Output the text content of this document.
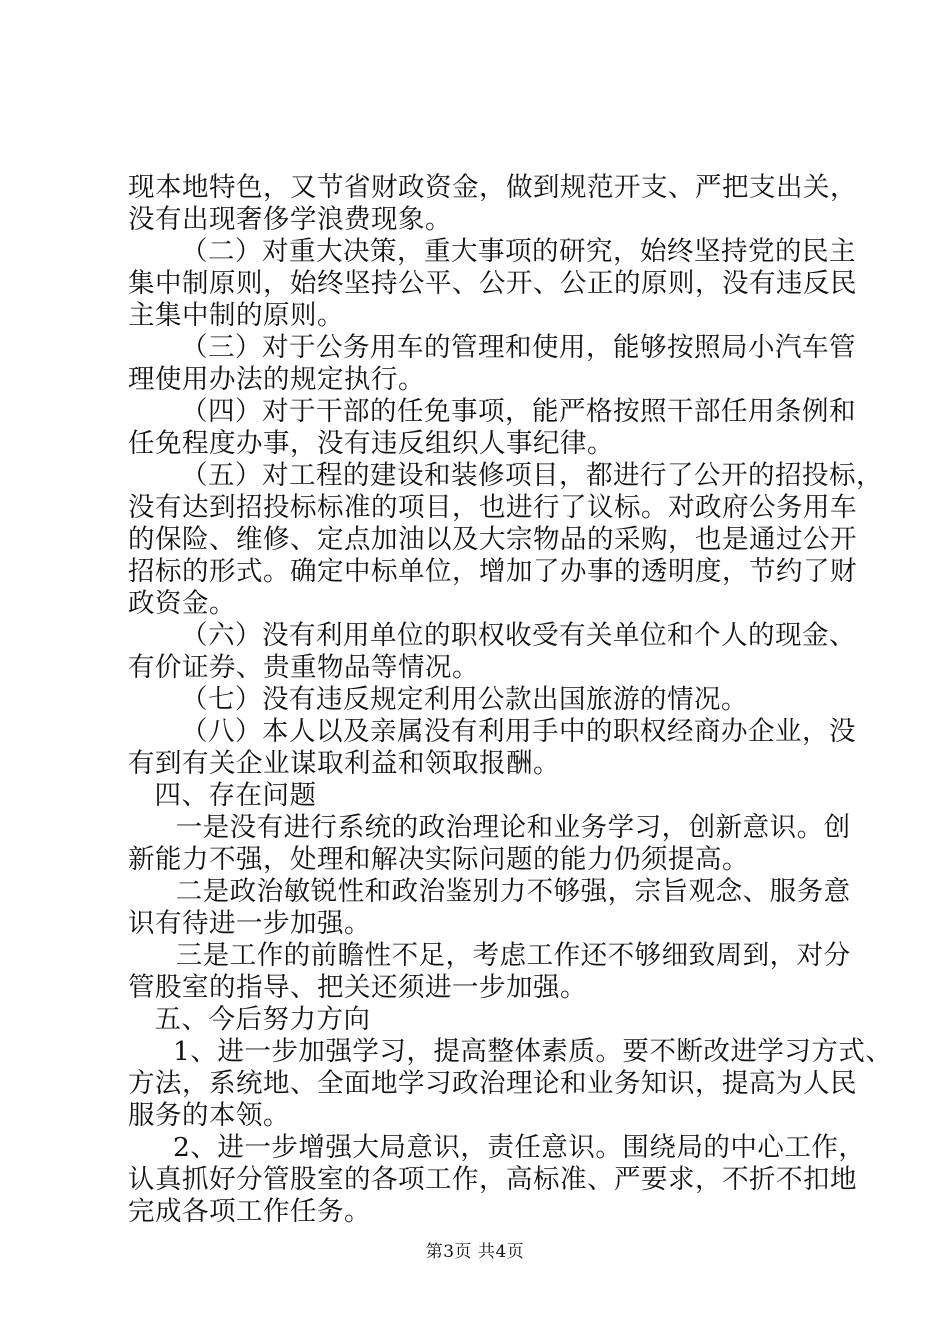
现本地特色，又节省财政资金，做到规范开支、严把支出关，
没有出现奢侈学浪费现象。
（二）对重大决策，重大事项的研究，始终坚持党的民主
集中制原则，始终坚持公平、公开、公正的原则，没有违反民
主集中制的原则。
（三）对于公务用车的管理和使用，能够按照局小汽车管
理使用办法的规定执行。
（四）对于干部的任免事项，能严格按照干部任用条例和
任免程度办事，没有违反组织人事纪律。
（五）对工程的建设和装修项目，都进行了公开的招投标，
没有达到招投标标准的项目，也进行了议标。对政府公务用车
的保险、维修、定点加油以及大宗物品的采购，也是通过公开
招标的形式。确定中标单位，增加了办事的透明度，节约了财
政资金。
（六）没有利用单位的职权收受有关单位和个人的现金、
有价证券、贵重物品等情况。
（七）没有违反规定利用公款出国旅游的情况。
（八）本人以及亲属没有利用手中的职权经商办企业，没
有到有关企业谋取利益和领取报酬。
四、存在问题
一是没有进行系统的政治理论和业务学习，创新意识。创
新能力不强，处理和解决实际问题的能力仍须提高。
二是政治敏锐性和政治鉴别力不够强，宗旨观念、服务意
识有待进一步加强。
三是工作的前瞻性不足，考虑工作还不够细致周到，对分
管股室的指导、把关还须进一步加强。
五、今后努力方向
1、进一步加强学习，提高整体素质。要不断改进学习方式、
方法，系统地、全面地学习政治理论和业务知识，提高为人民
服务的本领。
2、进一步增强大局意识，责任意识。围绕局的中心工作，
认真抓好分管股室的各项工作，高标准、严要求，不折不扣地
完成各项工作任务。
第3页 共4页
